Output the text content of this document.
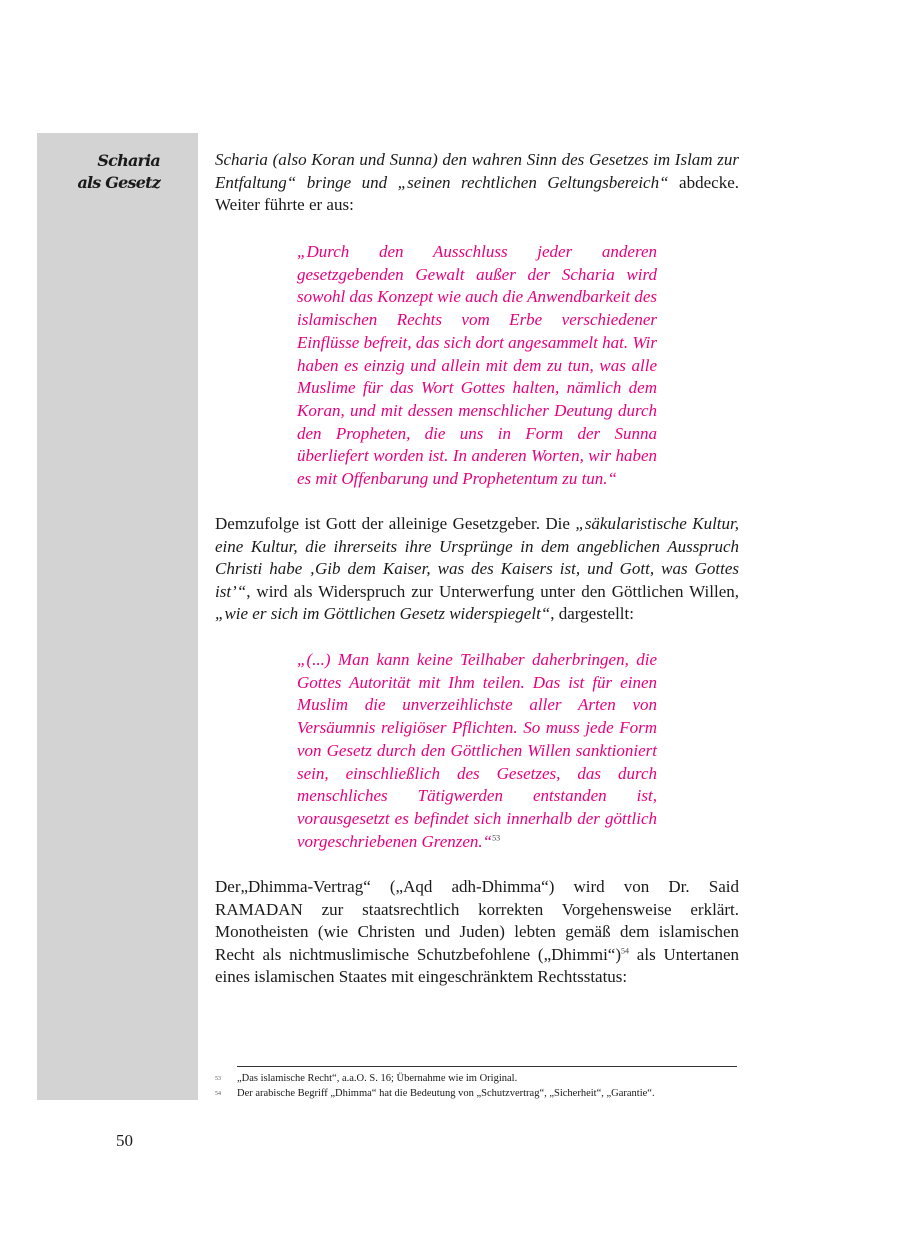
Scharia
als Gesetz

Scharia (also Koran und Sunna) den wahren Sinn des Gesetzes im Islam zur Entfaltung“ bringe und „seinen rechtlichen Geltungsbereich“ abdecke. Weiter führte er aus:

„Durch den Ausschluss jeder anderen gesetzgebenden Gewalt außer der Scharia wird sowohl das Konzept wie auch die Anwendbarkeit des islamischen Rechts vom Erbe verschiedener Einflüsse befreit, das sich dort angesammelt hat. Wir haben es einzig und allein mit dem zu tun, was alle Muslime für das Wort Gottes halten, nämlich dem Koran, und mit dessen menschlicher Deutung durch den Propheten, die uns in Form der Sunna überliefert worden ist. In anderen Worten, wir haben es mit Offenbarung und Prophetentum zu tun.“

Demzufolge ist Gott der alleinige Gesetzgeber. Die „säkularistische Kultur, eine Kultur, die ihrerseits ihre Ursprünge in dem angeblichen Ausspruch Christi habe ‚Gib dem Kaiser, was des Kaisers ist, und Gott, was Gottes ist’“, wird als Widerspruch zur Unterwerfung unter den Göttlichen Willen, „wie er sich im Göttlichen Gesetz widerspiegelt“, dargestellt:

„(...) Man kann keine Teilhaber daherbringen, die Gottes Autorität mit Ihm teilen. Das ist für einen Muslim die unverzeihlichste aller Arten von Versäumnis religiöser Pflichten. So muss jede Form von Gesetz durch den Göttlichen Willen sanktioniert sein, einschließlich des Gesetzes, das durch menschliches Tätigwerden entstanden ist, vorausgesetzt es befindet sich innerhalb der göttlich vorgeschriebenen Grenzen.“$^{53}$

Der„Dhimma-Vertrag“ („Aqd adh-Dhimma“) wird von Dr. Said RAMADAN zur staatsrechtlich korrekten Vorgehensweise erklärt. Monotheisten (wie Christen und Juden) lebten gemäß dem islamischen Recht als nichtmuslimische Schutzbefohlene („Dhimmi“)$^{54}$ als Untertanen eines islamischen Staates mit eingeschränktem Rechtsstatus:

53 „Das islamische Recht“, a.a.O. S. 16; Übernahme wie im Original.
54 Der arabische Begriff „Dhimma“ hat die Bedeutung von „Schutzvertrag“, „Sicherheit“, „Garantie“.
50
